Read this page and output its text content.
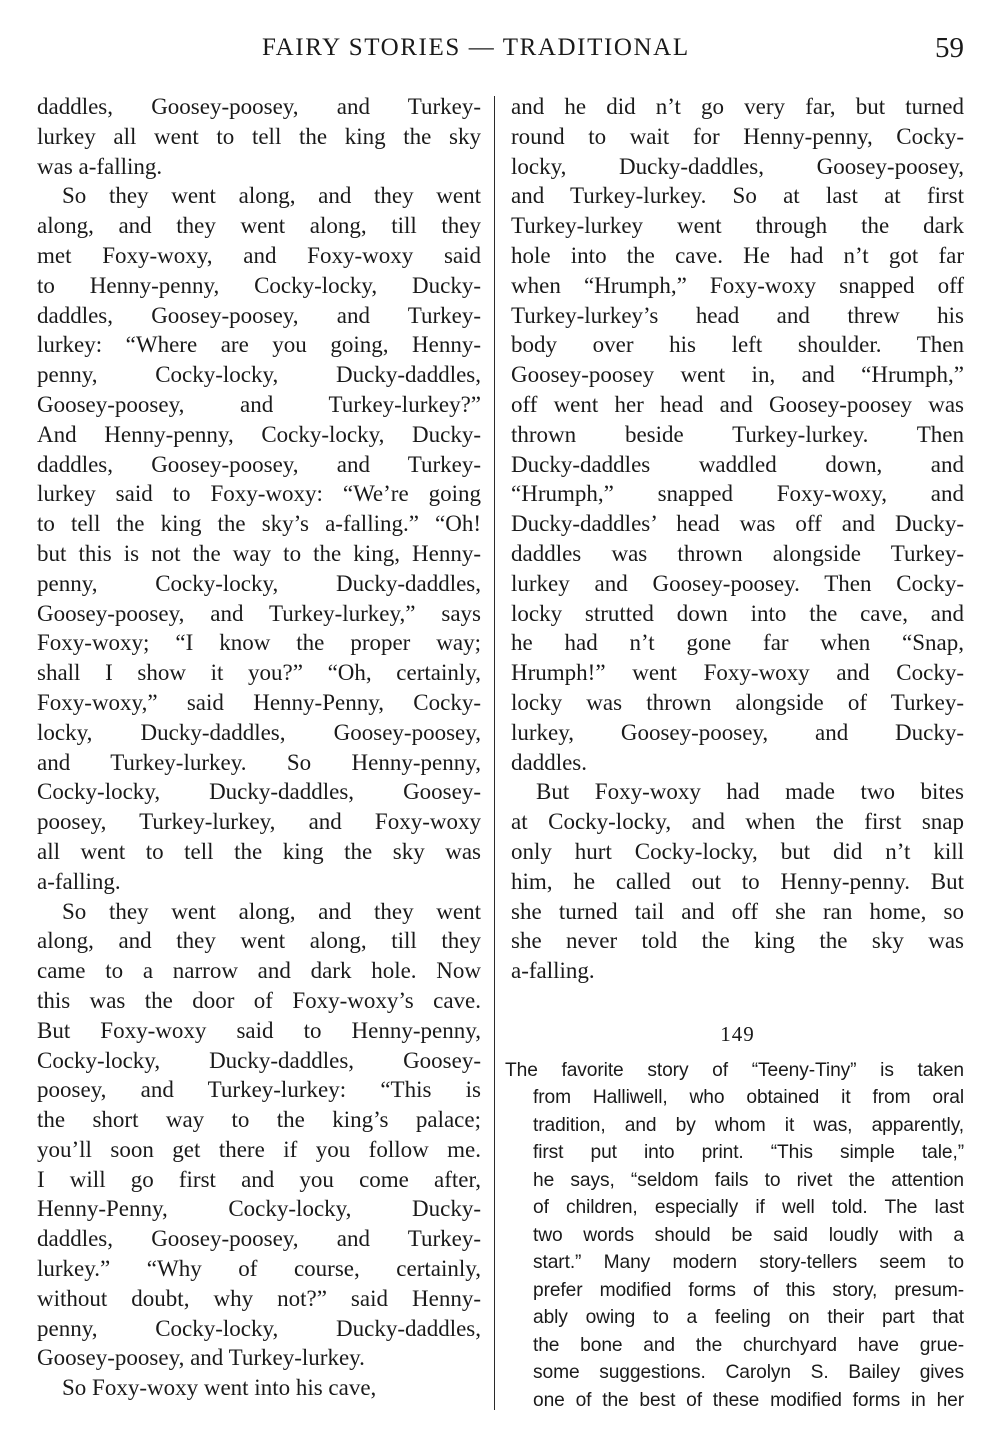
FAIRY STORIES — TRADITIONAL	59
daddles, Goosey-poosey, and Turkey-
lurkey all went to tell the king the sky
was a-falling.
So they went along, and they went
along, and they went along, till they
met Foxy-woxy, and Foxy-woxy said
to Henny-penny, Cocky-locky, Ducky-
daddles, Goosey-poosey, and Turkey-
lurkey: “Where are you going, Henny-
penny, Cocky-locky, Ducky-daddles,
Goosey-poosey, and Turkey-lurkey?”
And Henny-penny, Cocky-locky, Ducky-
daddles, Goosey-poosey, and Turkey-
lurkey said to Foxy-woxy: “We’re going
to tell the king the sky’s a-falling.” “Oh!
but this is not the way to the king, Henny-
penny, Cocky-locky, Ducky-daddles,
Goosey-poosey, and Turkey-lurkey,” says
Foxy-woxy; “I know the proper way;
shall I show it you?” “Oh, certainly,
Foxy-woxy,” said Henny-Penny, Cocky-
locky, Ducky-daddles, Goosey-poosey,
and Turkey-lurkey. So Henny-penny,
Cocky-locky, Ducky-daddles, Goosey-
poosey, Turkey-lurkey, and Foxy-woxy
all went to tell the king the sky was
a-falling.
So they went along, and they went
along, and they went along, till they
came to a narrow and dark hole. Now
this was the door of Foxy-woxy’s cave.
But Foxy-woxy said to Henny-penny,
Cocky-locky, Ducky-daddles, Goosey-
poosey, and Turkey-lurkey: “This is
the short way to the king’s palace;
you’ll soon get there if you follow me.
I will go first and you come after,
Henny-Penny, Cocky-locky, Ducky-
daddles, Goosey-poosey, and Turkey-
lurkey.” “Why of course, certainly,
without doubt, why not?” said Henny-
penny, Cocky-locky, Ducky-daddles,
Goosey-poosey, and Turkey-lurkey.
So Foxy-woxy went into his cave,
and he did n’t go very far, but turned
round to wait for Henny-penny, Cocky-
locky, Ducky-daddles, Goosey-poosey,
and Turkey-lurkey. So at last at first
Turkey-lurkey went through the dark
hole into the cave. He had n’t got far
when “Hrumph,” Foxy-woxy snapped off
Turkey-lurkey’s head and threw his
body over his left shoulder. Then
Goosey-poosey went in, and “Hrumph,”
off went her head and Goosey-poosey was
thrown beside Turkey-lurkey. Then
Ducky-daddles waddled down, and
“Hrumph,” snapped Foxy-woxy, and
Ducky-daddles’ head was off and Ducky-
daddles was thrown alongside Turkey-
lurkey and Goosey-poosey. Then Cocky-
locky strutted down into the cave, and
he had n’t gone far when “Snap,
Hrumph!” went Foxy-woxy and Cocky-
locky was thrown alongside of Turkey-
lurkey, Goosey-poosey, and Ducky-
daddles.
But Foxy-woxy had made two bites
at Cocky-locky, and when the first snap
only hurt Cocky-locky, but did n’t kill
him, he called out to Henny-penny. But
she turned tail and off she ran home, so
she never told the king the sky was
a-falling.
149
The favorite story of “Teeny-Tiny” is taken
from Halliwell, who obtained it from oral
tradition, and by whom it was, apparently,
first put into print. “This simple tale,”
he says, “seldom fails to rivet the attention
of children, especially if well told. The last
two words should be said loudly with a
start.” Many modern story-tellers seem to
prefer modified forms of this story, presum-
ably owing to a feeling on their part that
the bone and the churchyard have grue-
some suggestions. Carolyn S. Bailey gives
one of the best of these modified forms in her
